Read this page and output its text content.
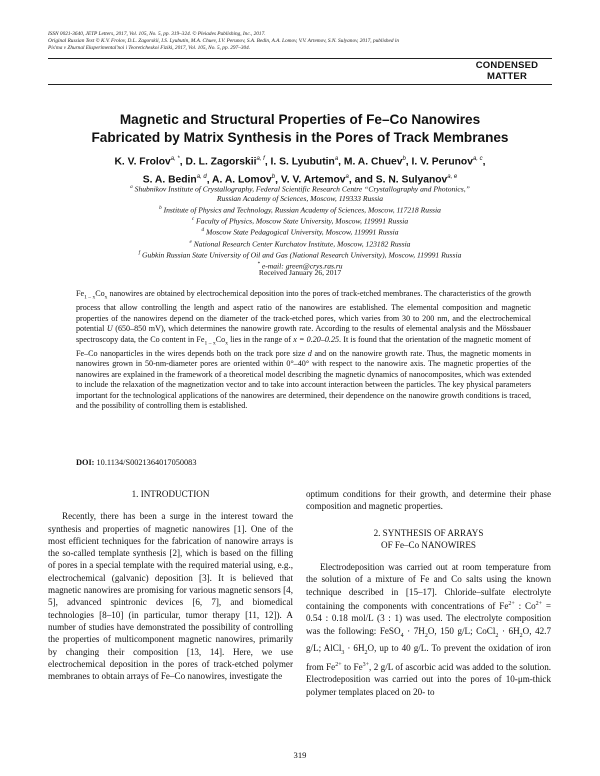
ISSN 0021-3640, JETP Letters, 2017, Vol. 105, No. 5, pp. 319–324. © Pleiades Publishing, Inc., 2017.
Original Russian Text © K.V. Frolov, D.L. Zagorskii, I.S. Lyubutin, M.A. Chuev, I.V. Perunov, S.A. Bedin, A.A. Lomov, V.V. Artemov, S.N. Sulyanov, 2017, published in
Pis'ma v Zhurnal Eksperimental'noi i Teoreticheskoi Fiziki, 2017, Vol. 105, No. 5, pp. 297–304.
CONDENSED
MATTER
Magnetic and Structural Properties of Fe–Co Nanowires
Fabricated by Matrix Synthesis in the Pores of Track Membranes
K. V. Frolov$^{a, *}$, D. L. Zagorskii$^{a, f}$, I. S. Lyubutin$^a$, M. A. Chuev$^b$, I. V. Perunov$^{a, c}$,
S. A. Bedin$^{a, d}$, A. A. Lomov$^b$, V. V. Artemov$^a$, and S. N. Sulyanov$^{a, e}$

$^a$ Shubnikov Institute of Crystallography, Federal Scientific Research Centre “Crystallography and Photonics,”

Russian Academy of Sciences, Moscow, 119333 Russia

$^b$ Institute of Physics and Technology, Russian Academy of Sciences, Moscow, 117218 Russia

$^c$ Faculty of Physics, Moscow State University, Moscow, 119991 Russia

$^d$ Moscow State Pedagogical University, Moscow, 119991 Russia

$^e$ National Research Center Kurchatov Institute, Moscow, 123182 Russia

$^f$ Gubkin Russian State University of Oil and Gas (National Research University), Moscow, 119991 Russia

* e-mail: green@crys.ras.ru

Received January 26, 2017

$Fe_{1 - x}Co_x$ nanowires are obtained by electrochemical deposition into the pores of track-etched membranes. The characteristics of the growth process that allow controlling the length and aspect ratio of the nanowires are established. The elemental composition and magnetic properties of the nanowires depend on the diameter of the track-etched pores, which varies from 30 to 200 nm, and the electrochemical potential U (650–850 mV), which determines the nanowire growth rate. According to the results of elemental analysis and the Mössbauer spectroscopy data, the Co content in $Fe_{1 - x}Co_x$ lies in the range of x = 0.20–0.25. It is found that the orientation of the magnetic moment of Fe–Co nanoparticles in the wires depends both on the track pore size d and on the nanowire growth rate. Thus, the magnetic moments in nanowires grown in 50-nm-diameter pores are oriented within 0°–40° with respect to the nanowire axis. The magnetic properties of the nanowires are explained in the framework of a theoretical model describing the magnetic dynamics of nanocomposites, which was extended to include the relaxation of the magnetization vector and to take into account interaction between the particles. The key physical parameters important for the technological applications of the nanowires are determined, their dependence on the nanowire growth conditions is traced, and the possibility of controlling them is established.

DOI: 10.1134/S0021364017050083
1. INTRODUCTION

Recently, there has been a surge in the interest toward the synthesis and properties of magnetic nanowires [1]. One of the most efficient techniques for the fabrication of nanowire arrays is the so-called template synthesis [2], which is based on the filling of pores in a special template with the required material using, e.g., electrochemical (galvanic) deposition [3]. It is believed that magnetic nanowires are promising for various magnetic sensors [4, 5], advanced spintronic devices [6, 7], and biomedical technologies [8–10] (in particular, tumor therapy [11, 12]). A number of studies have demonstrated the possibility of controlling the properties of multicomponent magnetic nanowires, primarily by changing their composition [13, 14]. Here, we use electrochemical deposition in the pores of track-etched polymer membranes to obtain arrays of Fe–Co nanowires, investigate the

optimum conditions for their growth, and determine their phase composition and magnetic properties.

2. SYNTHESIS OF ARRAYS
OF Fe–Co NANOWIRES

Electrodeposition was carried out at room temperature from the solution of a mixture of Fe and Co salts using the known technique described in [15–17]. Chloride–sulfate electrolyte containing the components with concentrations of $Fe^{2+}$ : $Co^{2+} = 0.54$ : 0.18 mol/L (3 : 1) was used. The electrolyte composition was the following: FeSO$_4$ · $7H_2O$, 150 g/L; CoCl$_2$ · $6H_2O$, 42.7 g/L; AlCl$_3$ · $6H_2O$, up to 40 g/L. To prevent the oxidation of iron from $Fe^{2+}$ to $Fe^{3+}$, 2 g/L of ascorbic acid was added to the solution. Electrodeposition was carried out into the pores of 10-μm-thick polymer templates placed on 20- to

319
